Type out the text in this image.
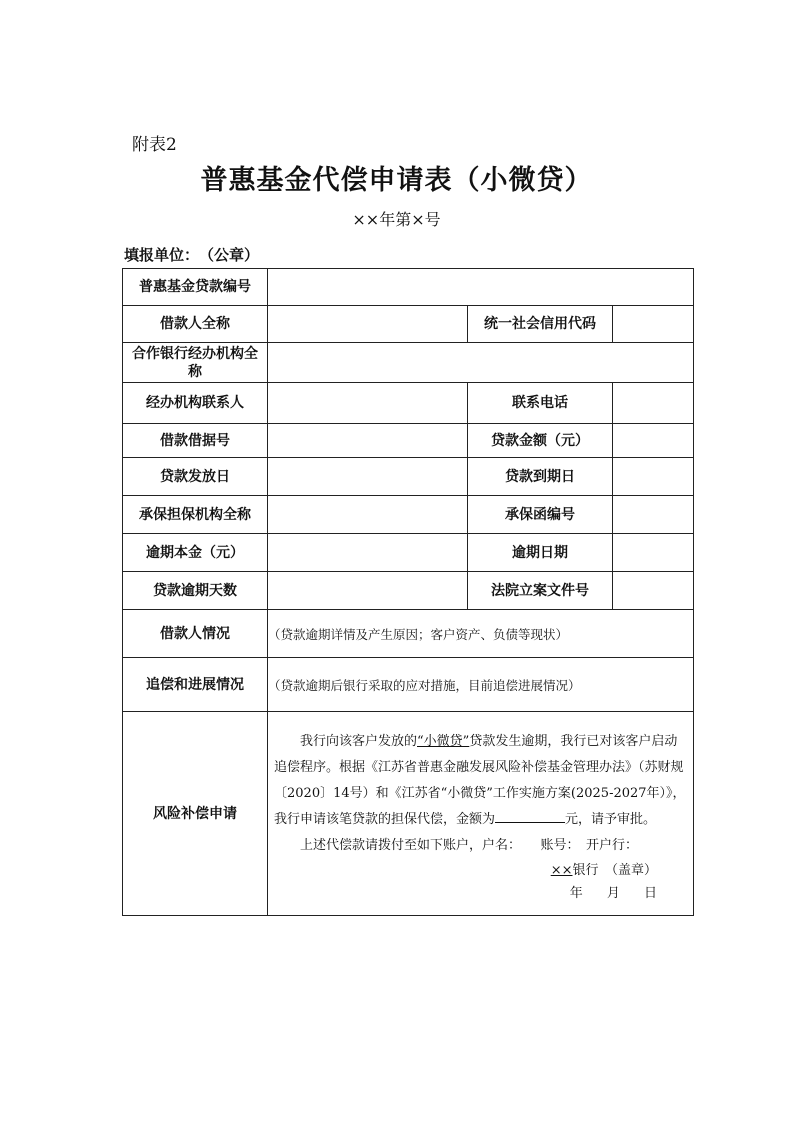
附表2
普惠基金代偿申请表（小微贷）
××年第×号
填报单位：（公章）
普惠基金贷款编号			
借款人全称		统一社会信用代码	
合作银行经办机构全称			
经办机构联系人		联系电话	
借款借据号		贷款金额（元）	
贷款发放日		贷款到期日	
承保担保机构全称		承保函编号	
逾期本金（元）		逾期日期	
贷款逾期天数		法院立案文件号	
借款人情况	（贷款逾期详情及产生原因；客户资产、负债等现状）		
追偿和进展情况	（贷款逾期后银行采取的应对措施，目前追偿进展情况）		
风险补偿申请	我行向该客户发放的“小微贷”贷款发生逾期，我行已对该客户启动追偿程序。根据《江苏省普惠金融发展风险补偿基金管理办法》（苏财规〔2020〕14号）和《江苏省“小微贷”工作实施方案(2025-2027年）》，我行申请该笔贷款的担保代偿，金额为 元，请予审批。

上述代偿款请拨付至如下账户，户名：　　账号：　开户行：

××银行　（盖章）
年 月 日		
